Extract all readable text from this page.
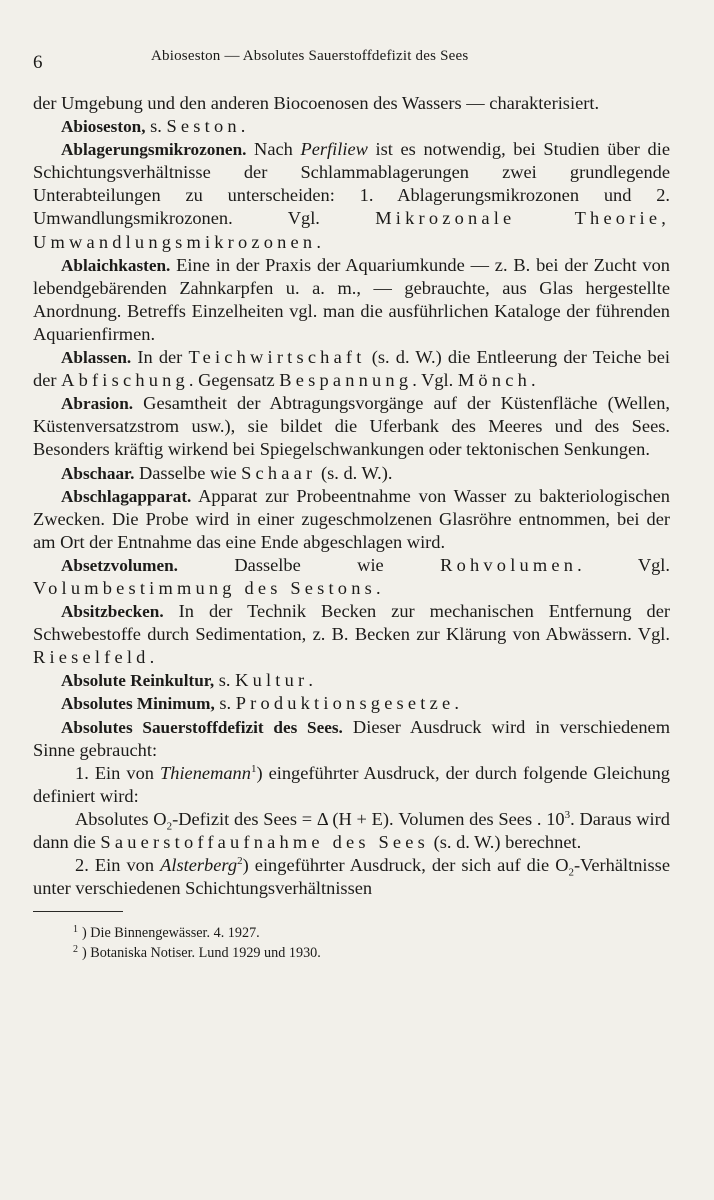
6	Abioseston — Absolutes Sauerstoffdefizit des Sees

der Umgebung und den anderen Biocoenosen des Wassers — charakterisiert.

Abioseston, s. Seston.

Ablagerungsmikrozonen. Nach Perfiliew ist es notwendig, bei Studien über die Schichtungsverhältnisse der Schlammablagerungen zwei grundlegende Unterabteilungen zu unterscheiden: 1. Ablagerungsmikrozonen und 2. Umwandlungsmikrozonen. Vgl. Mikrozonale Theorie, Umwandlungsmikrozonen.

Ablaichkasten. Eine in der Praxis der Aquariumkunde — z. B. bei der Zucht von lebendgebärenden Zahnkarpfen u. a. m., — gebrauchte, aus Glas hergestellte Anordnung. Betreffs Einzelheiten vgl. man die ausführlichen Kataloge der führenden Aquarienfirmen.

Ablassen. In der Teichwirtschaft (s. d. W.) die Entleerung der Teiche bei der Abfischung. Gegensatz Bespannung. Vgl. Mönch.

Abrasion. Gesamtheit der Abtragungsvorgänge auf der Küstenfläche (Wellen, Küstenversatzstrom usw.), sie bildet die Uferbank des Meeres und des Sees. Besonders kräftig wirkend bei Spiegelschwankungen oder tektonischen Senkungen.

Abschaar. Dasselbe wie Schaar (s. d. W.).

Abschlagapparat. Apparat zur Probeentnahme von Wasser zu bakteriologischen Zwecken. Die Probe wird in einer zugeschmolzenen Glasröhre entnommen, bei der am Ort der Entnahme das eine Ende abgeschlagen wird.

Absetzvolumen. Dasselbe wie Rohvolumen. Vgl. Volumbestimmung des Sestons.

Absitzbecken. In der Technik Becken zur mechanischen Entfernung der Schwebestoffe durch Sedimentation, z. B. Becken zur Klärung von Abwässern. Vgl. Rieselfeld.

Absolute Reinkultur, s. Kultur.

Absolutes Minimum, s. Produktionsgesetze.

Absolutes Sauerstoffdefizit des Sees. Dieser Ausdruck wird in verschiedenem Sinne gebraucht:

1. Ein von Thienemann$^1$) eingeführter Ausdruck, der durch folgende Gleichung definiert wird:

Absolutes $O_2$-Defizit des Sees = Δ (H + E). Volumen des Sees . $10^3$. Daraus wird dann die Sauerstoffaufnahme des Sees (s. d. W.) berechnet.

2. Ein von Alsterberg$^2$) eingeführter Ausdruck, der sich auf die $O_2$-Verhältnisse unter verschiedenen Schichtungsverhältnissen

$^1$ ) Die Binnengewässer. 4. 1927.

$^2$ ) Botaniska Notiser. Lund 1929 und 1930.
